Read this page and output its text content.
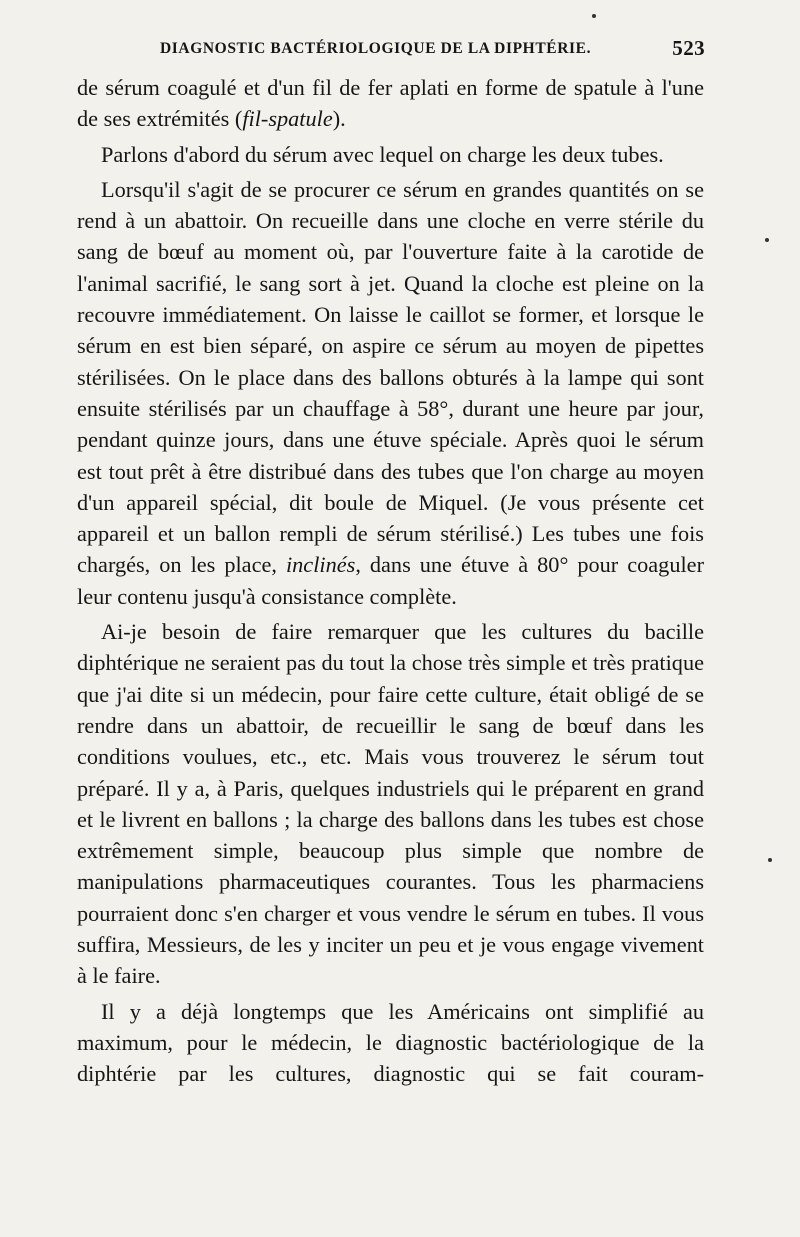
DIAGNOSTIC BACTÉRIOLOGIQUE DE LA DIPHTÉRIE.	523

de sérum coagulé et d'un fil de fer aplati en forme de spatule à l'une de ses extrémités (fil-spatule).

Parlons d'abord du sérum avec lequel on charge les deux tubes.

Lorsqu'il s'agit de se procurer ce sérum en grandes quantités on se rend à un abattoir. On recueille dans une cloche en verre stérile du sang de bœuf au moment où, par l'ouverture faite à la carotide de l'animal sacrifié, le sang sort à jet. Quand la cloche est pleine on la recouvre immédiatement. On laisse le caillot se former, et lorsque le sérum en est bien séparé, on aspire ce sérum au moyen de pipettes stérilisées. On le place dans des ballons obturés à la lampe qui sont ensuite stérilisés par un chauffage à 58°, durant une heure par jour, pendant quinze jours, dans une étuve spéciale. Après quoi le sérum est tout prêt à être distribué dans des tubes que l'on charge au moyen d'un appareil spécial, dit boule de Miquel. (Je vous présente cet appareil et un ballon rempli de sérum stérilisé.) Les tubes une fois chargés, on les place, inclinés, dans une étuve à 80° pour coaguler leur contenu jusqu'à consistance complète.

Ai-je besoin de faire remarquer que les cultures du bacille diphtérique ne seraient pas du tout la chose très simple et très pratique que j'ai dite si un médecin, pour faire cette culture, était obligé de se rendre dans un abattoir, de recueillir le sang de bœuf dans les conditions voulues, etc., etc. Mais vous trouverez le sérum tout préparé. Il y a, à Paris, quelques industriels qui le préparent en grand et le livrent en ballons ; la charge des ballons dans les tubes est chose extrêmement simple, beaucoup plus simple que nombre de manipulations pharmaceutiques courantes. Tous les pharmaciens pourraient donc s'en charger et vous vendre le sérum en tubes. Il vous suffira, Messieurs, de les y inciter un peu et je vous engage vivement à le faire.

Il y a déjà longtemps que les Américains ont simplifié au maximum, pour le médecin, le diagnostic bactériologique de la diphtérie par les cultures, diagnostic qui se fait couram-
